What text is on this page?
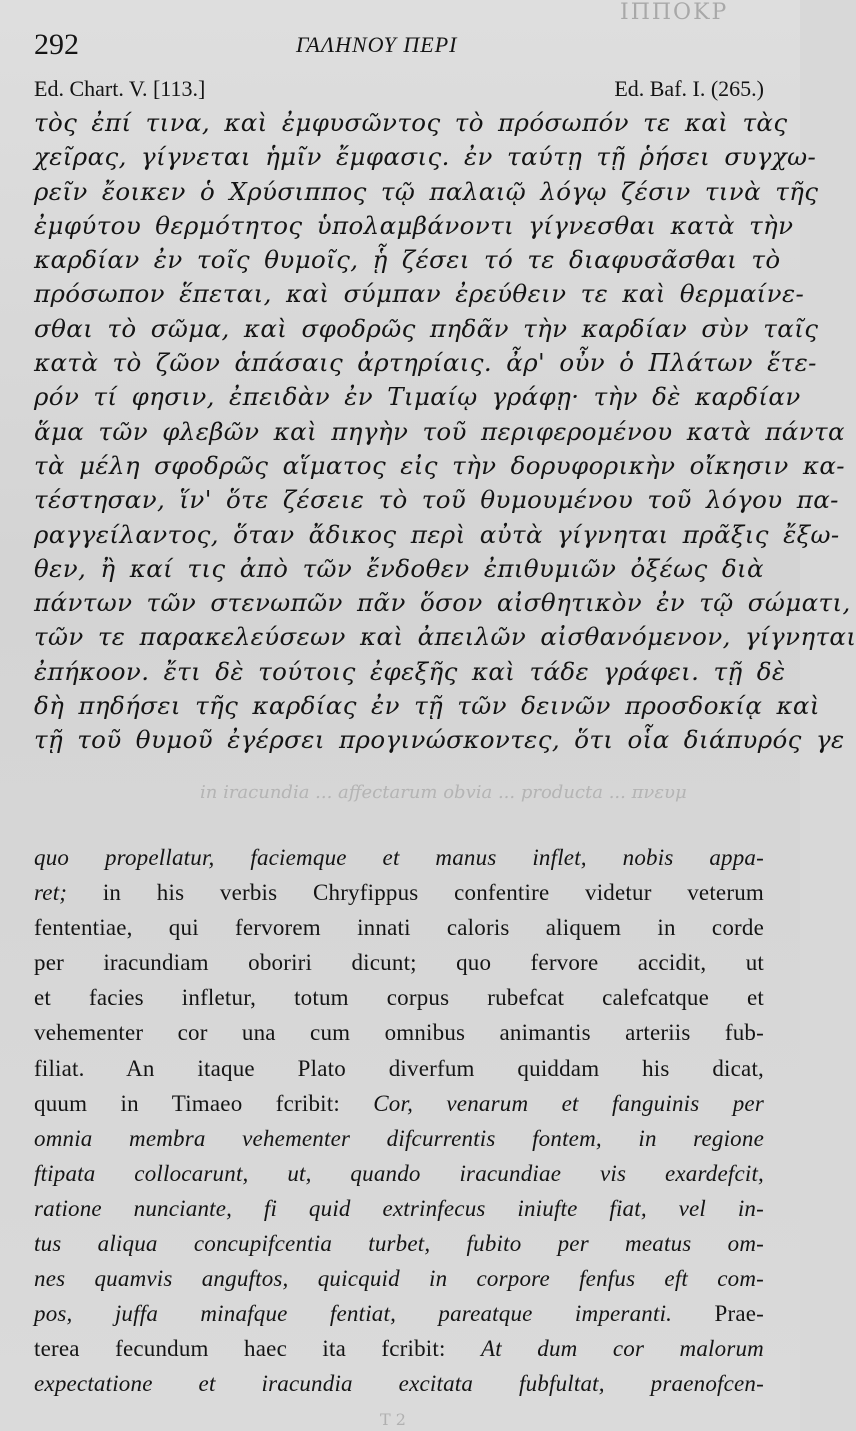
ΙΠΠΟΚΡ
292	ΓΑΛΗΝΟΥ ΠΕΡΙ
Ed. Chart. V. [113.]	Ed. Baf. I. (265.)
τὸς ἐπί τινα, καὶ ἐμφυσῶντος τὸ πρόσωπόν τε καὶ τὰς
χεῖρας, γίγνεται ἡμῖν ἔμφασις. ἐν ταύτῃ τῇ ῥήσει συγχω-
ρεῖν ἔοικεν ὁ Χρύσιππος τῷ παλαιῷ λόγῳ ζέσιν τινὰ τῆς
ἐμφύτου θερμότητος ὑπολαμβάνοντι γίγνεσθαι κατὰ τὴν
καρδίαν ἐν τοῖς θυμοῖς, ᾗ ζέσει τό τε διαφυσᾶσθαι τὸ
πρόσωπον ἕπεται, καὶ σύμπαν ἐρεύθειν τε καὶ θερμαίνε-
σθαι τὸ σῶμα, καὶ σφοδρῶς πηδᾶν τὴν καρδίαν σὺν ταῖς
κατὰ τὸ ζῶον ἁπάσαις ἀρτηρίαις. ἆρ' οὖν ὁ Πλάτων ἕτε-
ρόν τί φησιν, ἐπειδὰν ἐν Τιμαίῳ γράφῃ· τὴν δὲ καρδίαν
ἅμα τῶν φλεβῶν καὶ πηγὴν τοῦ περιφερομένου κατὰ πάντα
τὰ μέλη σφοδρῶς αἵματος εἰς τὴν δορυφορικὴν οἴκησιν κα-
τέστησαν, ἵν' ὅτε ζέσειε τὸ τοῦ θυμουμένου τοῦ λόγου πα-
ραγγείλαντος, ὅταν ἄδικος περὶ αὐτὰ γίγνηται πρᾶξις ἔξω-
θεν, ἢ καί τις ἀπὸ τῶν ἔνδοθεν ἐπιθυμιῶν ὀξέως διὰ
πάντων τῶν στενωπῶν πᾶν ὅσον αἰσθητικὸν ἐν τῷ σώματι,
τῶν τε παρακελεύσεων καὶ ἀπειλῶν αἰσθανόμενον, γίγνηται
ἐπήκοον. ἔτι δὲ τούτοις ἐφεξῆς καὶ τάδε γράφει. τῇ δὲ
δὴ πηδήσει τῆς καρδίας ἐν τῇ τῶν δεινῶν προσδοκίᾳ καὶ
τῇ τοῦ θυμοῦ ἐγέρσει προγινώσκοντες, ὅτι οἷα διάπυρός γε
in iracundia ... affectarum obvia ... producta ... πνευμ
quo propellatur, faciemque et manus inflet, nobis appa-
ret; in his verbis Chryfippus confentire videtur veterum
fententiae, qui fervorem innati caloris aliquem in corde
per iracundiam oboriri dicunt; quo fervore accidit, ut
et facies infletur, totum corpus rubefcat calefcatque et
vehementer cor una cum omnibus animantis arteriis fub-
filiat. An itaque Plato diverfum quiddam his dicat,
quum in Timaeo fcribit: Cor, venarum et fanguinis per
omnia membra vehementer difcurrentis fontem, in regione
ftipata collocarunt, ut, quando iracundiae vis exardefcit,
ratione nunciante, fi quid extrinfecus iniufte fiat, vel in-
tus aliqua concupifcentia turbet, fubito per meatus om-
nes quamvis anguftos, quicquid in corpore fenfus eft com-
pos, juffa minafque fentiat, pareatque imperanti. Prae-
terea fecundum haec ita fcribit: At dum cor malorum
expectatione et iracundia excitata fubfultat, praenofcen-
T 2
